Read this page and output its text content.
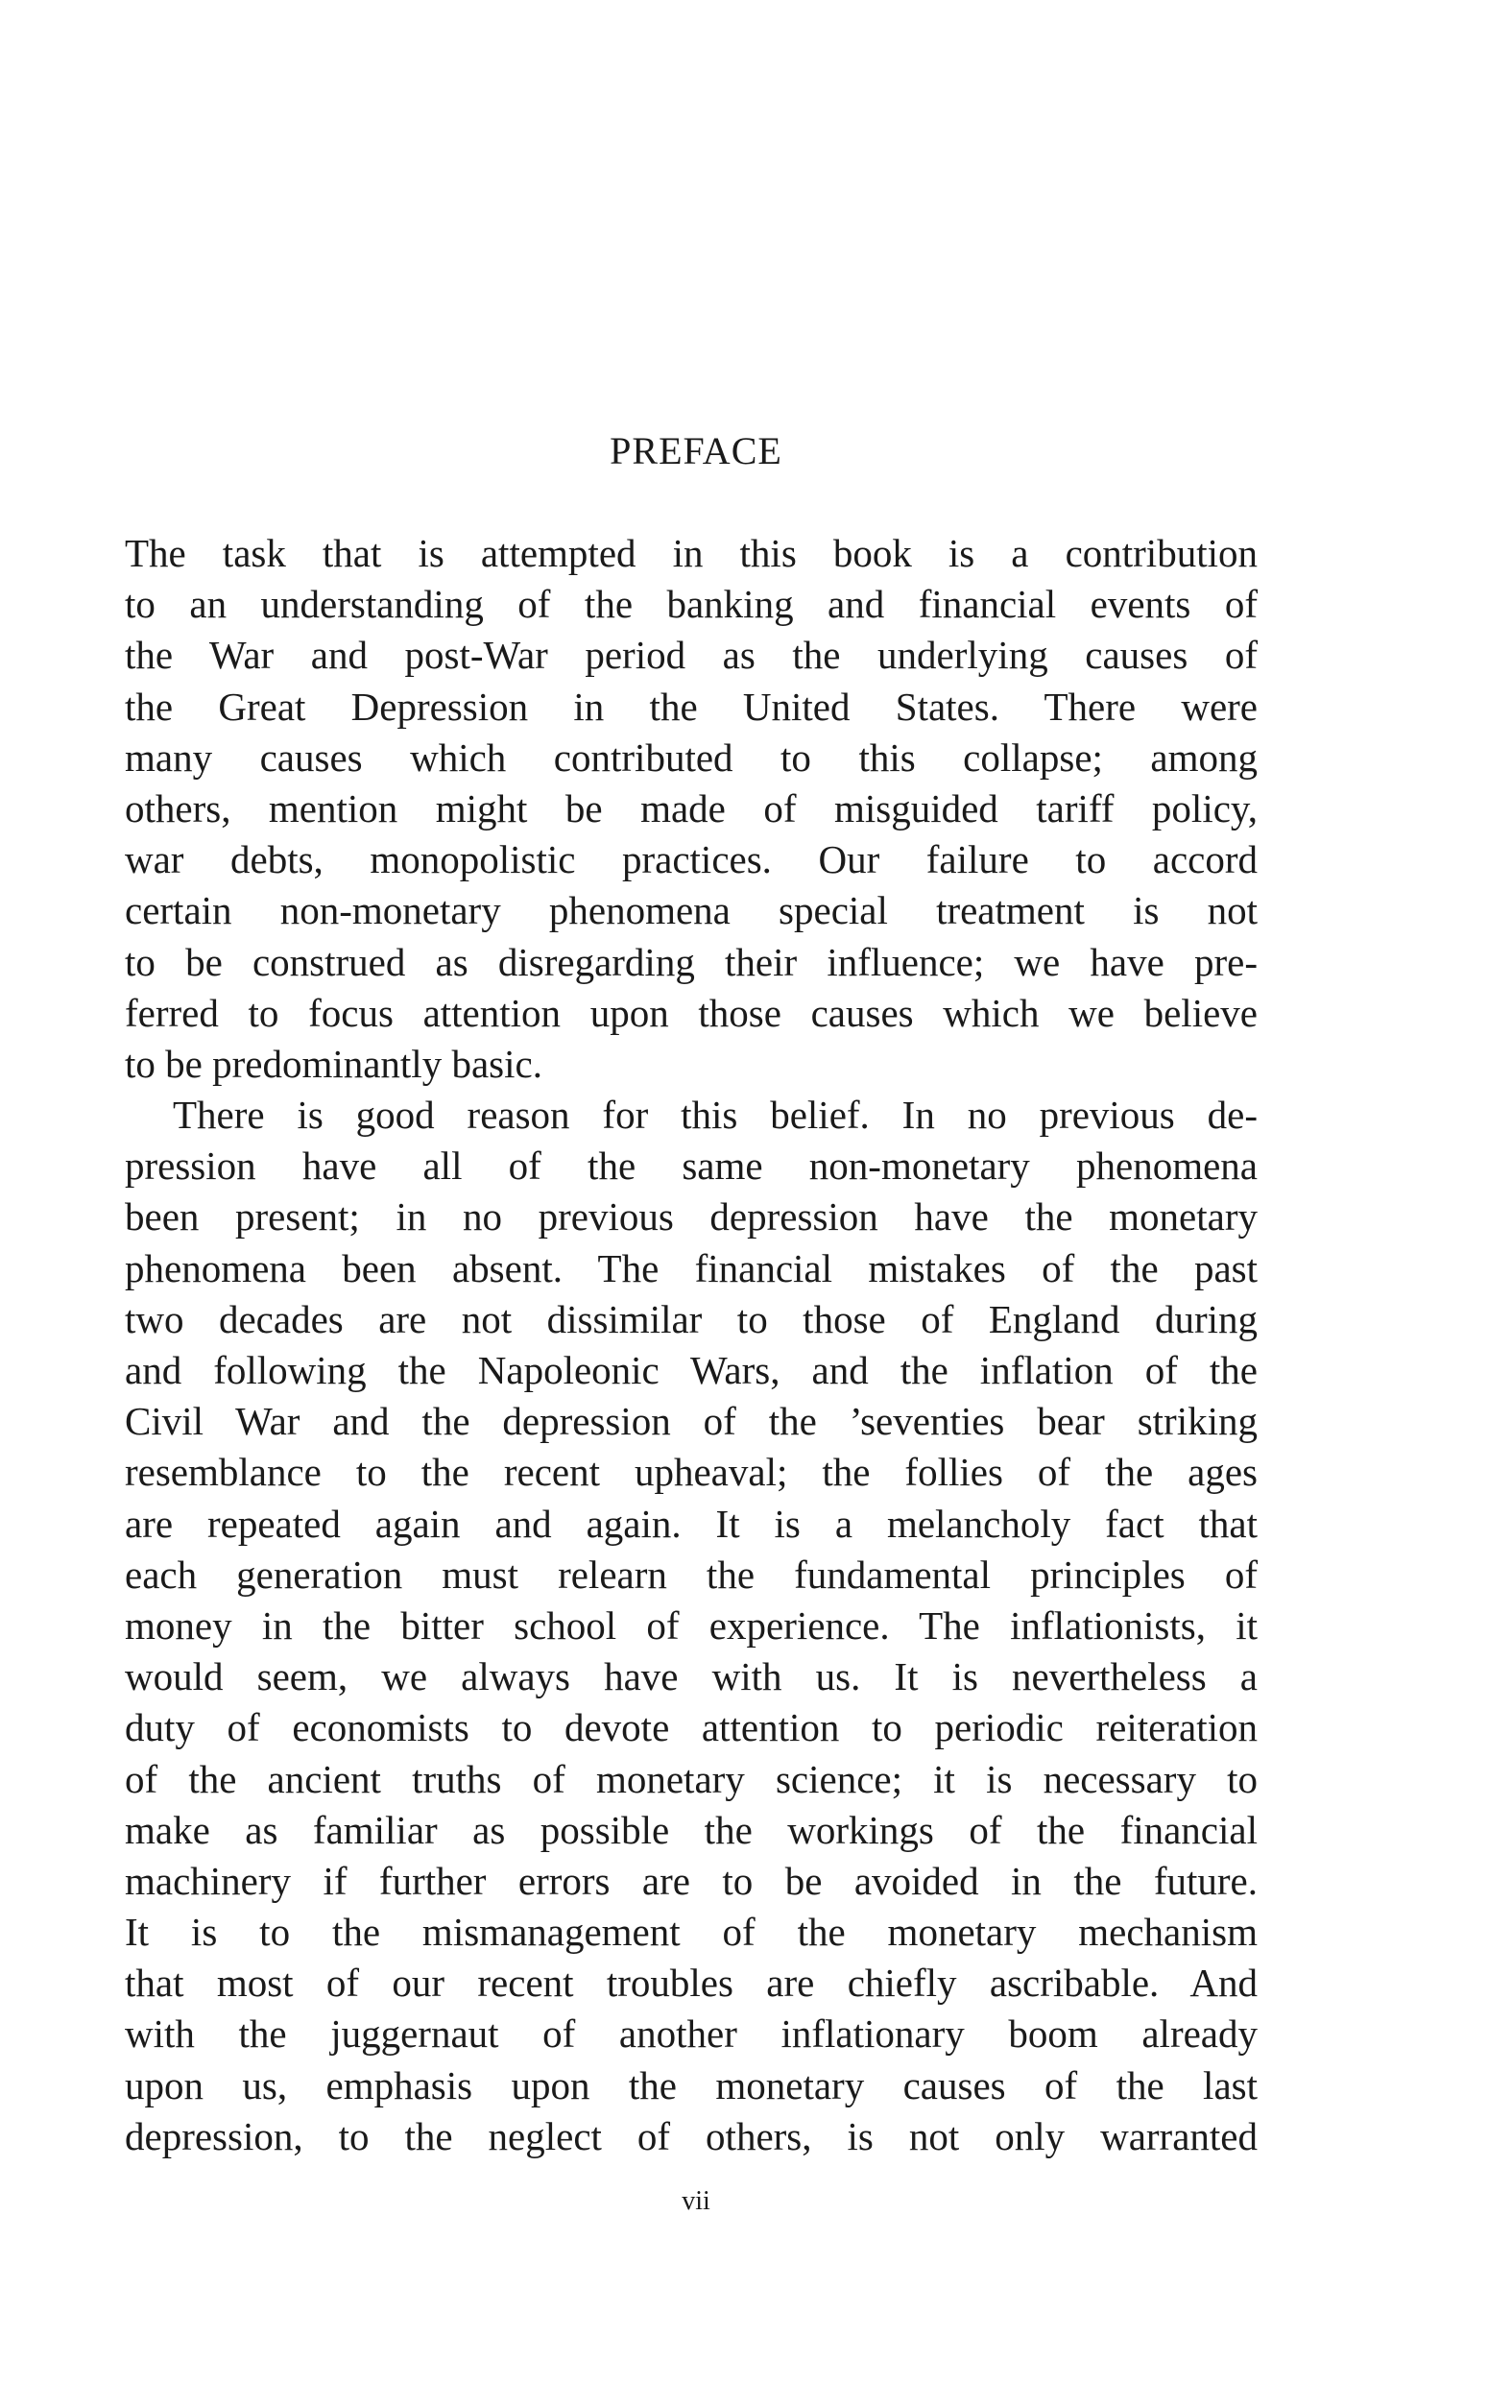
PREFACE
The task that is attempted in this book is a contribution
to an understanding of the banking and financial events of
the War and post-War period as the underlying causes of
the Great Depression in the United States. There were
many causes which contributed to this collapse; among
others, mention might be made of misguided tariff policy,
war debts, monopolistic practices. Our failure to accord
certain non-monetary phenomena special treatment is not
to be construed as disregarding their influence; we have pre-
ferred to focus attention upon those causes which we believe
to be predominantly basic.
There is good reason for this belief. In no previous de-
pression have all of the same non-monetary phenomena
been present; in no previous depression have the monetary
phenomena been absent. The financial mistakes of the past
two decades are not dissimilar to those of England during
and following the Napoleonic Wars, and the inflation of the
Civil War and the depression of the ’seventies bear striking
resemblance to the recent upheaval; the follies of the ages
are repeated again and again. It is a melancholy fact that
each generation must relearn the fundamental principles of
money in the bitter school of experience. The inflationists, it
would seem, we always have with us. It is nevertheless a
duty of economists to devote attention to periodic reiteration
of the ancient truths of monetary science; it is necessary to
make as familiar as possible the workings of the financial
machinery if further errors are to be avoided in the future.
It is to the mismanagement of the monetary mechanism
that most of our recent troubles are chiefly ascribable. And
with the juggernaut of another inflationary boom already
upon us, emphasis upon the monetary causes of the last
depression, to the neglect of others, is not only warranted
vii
